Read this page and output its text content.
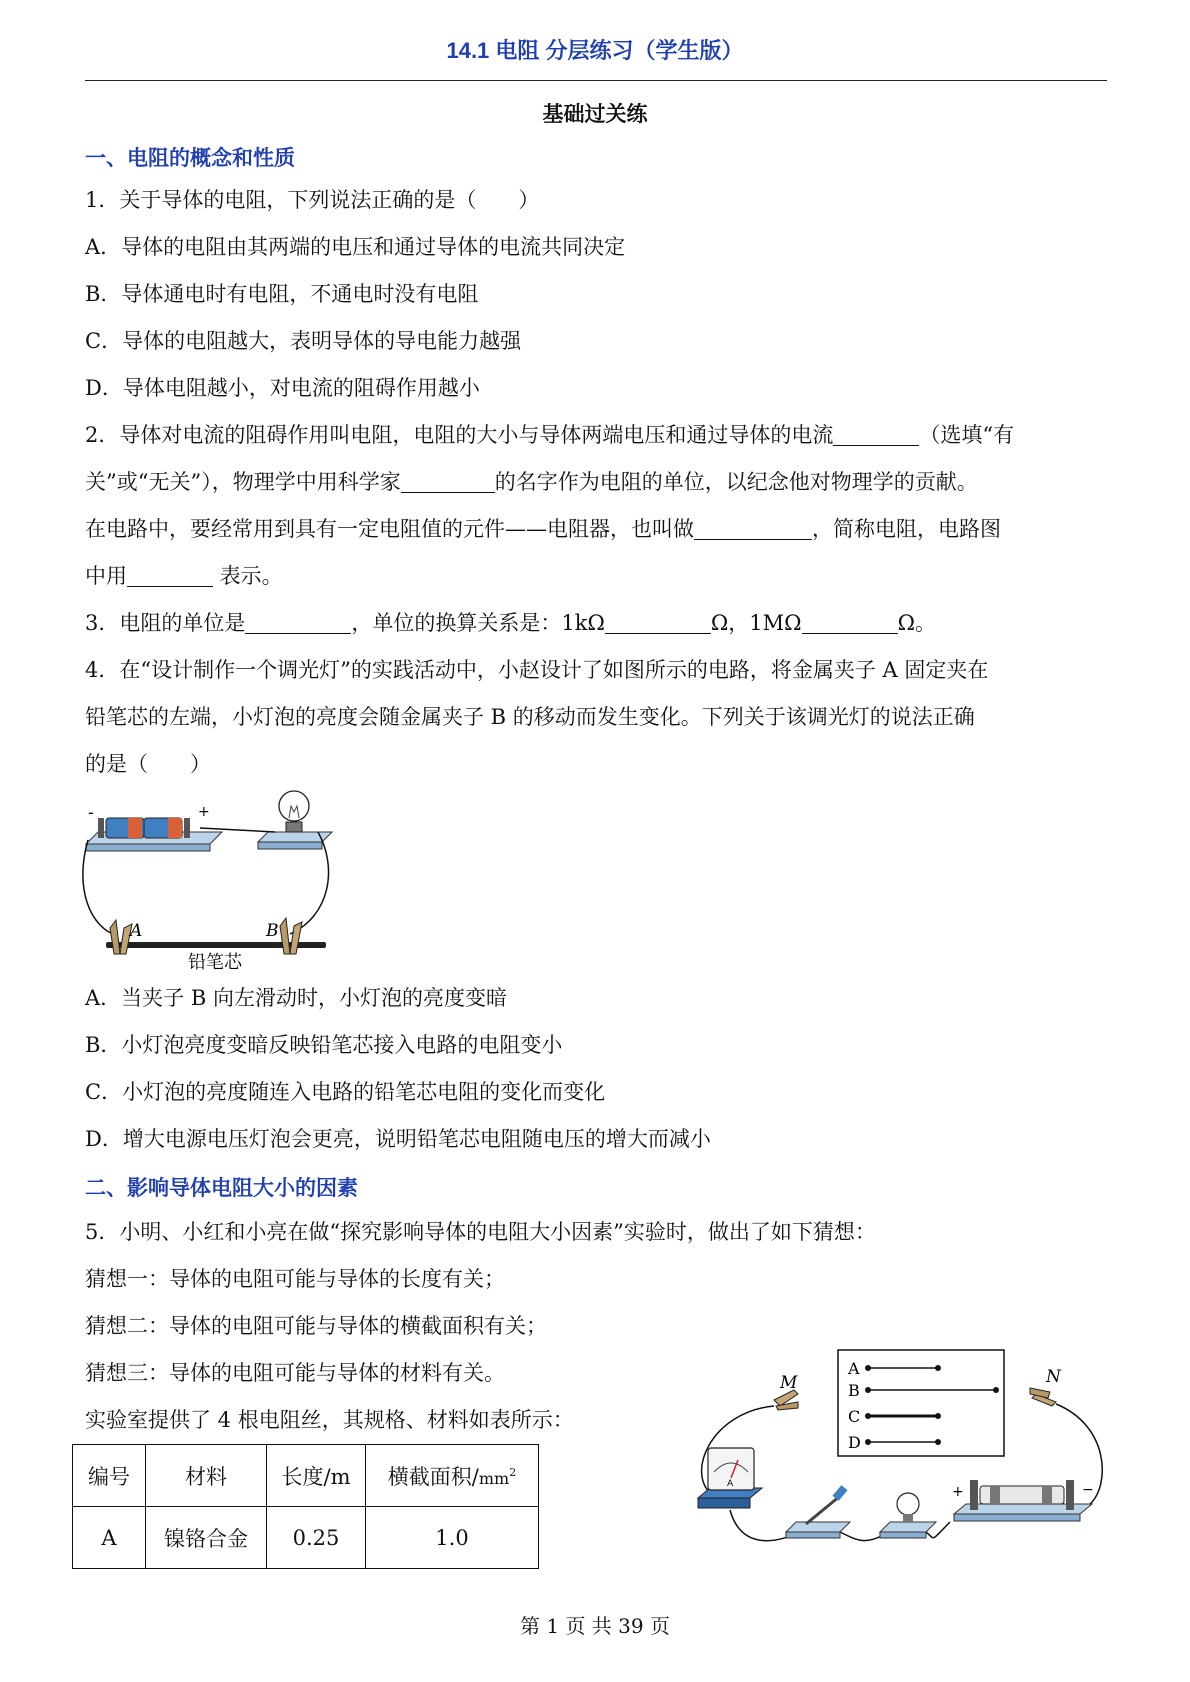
14.1 电阻 分层练习（学生版）
基础过关练
一、电阻的概念和性质
1．关于导体的电阻，下列说法正确的是（　　）
A．导体的电阻由其两端的电压和通过导体的电流共同决定
B．导体通电时有电阻，不通电时没有电阻
C．导体的电阻越大，表明导体的导电能力越强
D．导体电阻越小，对电流的阻碍作用越小
2．导体对电流的阻碍作用叫电阻，电阻的大小与导体两端电压和通过导体的电流	（选填“有
关”或“无关”），物理学中用科学家	的名字作为电阻的单位，以纪念他对物理学的贡献。
在电路中，要经常用到具有一定电阻值的元件——电阻器，也叫做	，简称电阻，电路图
中用	表示。
3．电阻的单位是	，单位的换算关系是：1kΩ	Ω，1MΩ	Ω。
4．在“设计制作一个调光灯”的实践活动中，小赵设计了如图所示的电路，将金属夹子 A 固定夹在
铅笔芯的左端，小灯泡的亮度会随金属夹子 B 的移动而发生变化。下列关于该调光灯的说法正确
的是（　　）
-	+
A	B
铅笔芯
A．当夹子 B 向左滑动时，小灯泡的亮度变暗
B．小灯泡亮度变暗反映铅笔芯接入电路的电阻变小
C．小灯泡的亮度随连入电路的铅笔芯电阻的变化而变化
D．增大电源电压灯泡会更亮，说明铅笔芯电阻随电压的增大而减小
二、影响导体电阻大小的因素
5．小明、小红和小亮在做“探究影响导体的电阻大小因素”实验时，做出了如下猜想：
猜想一：导体的电阻可能与导体的长度有关；
猜想二：导体的电阻可能与导体的横截面积有关；
猜想三：导体的电阻可能与导体的材料有关。
实验室提供了 4 根电阻丝，其规格、材料如表所示：
编号	材料	长度/m	横截面积$/mm^2$
A	镍铬合金	0.25	1.0
A
B
C
D
M	N
A	+	−
第 1 页 共 39 页
